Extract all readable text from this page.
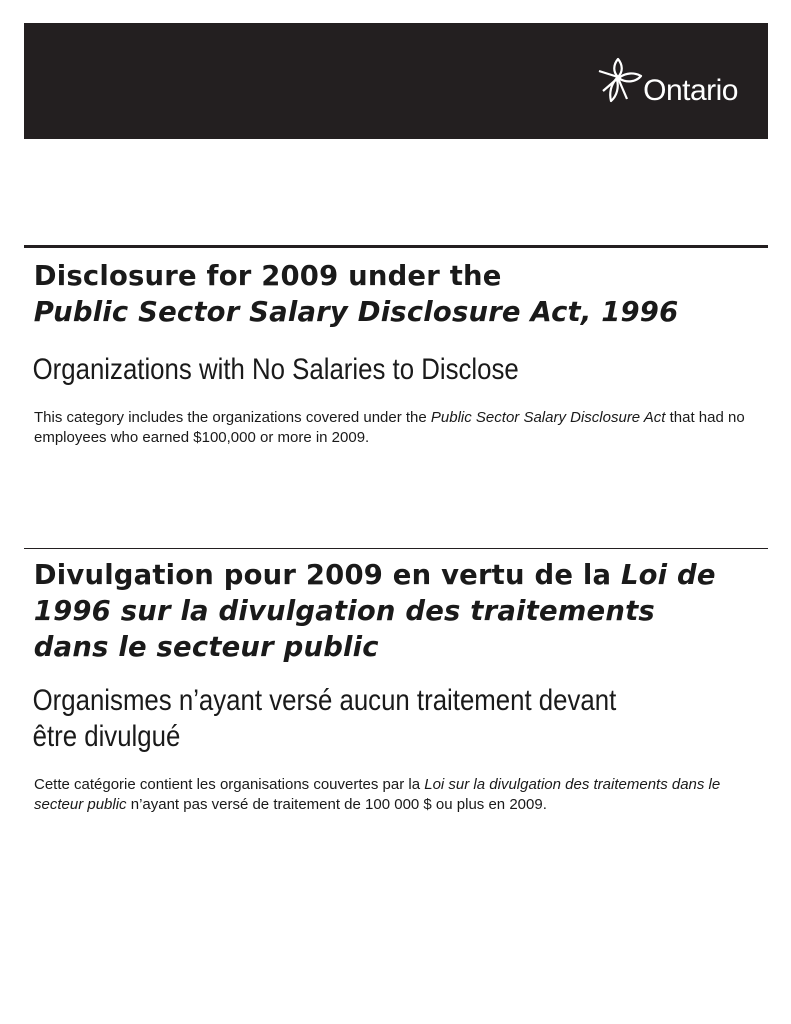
Ontario
Disclosure for 2009 under the
Public Sector Salary Disclosure Act, 1996
Organizations with No Salaries to Disclose

This category includes the organizations covered under the Public Sector Salary Disclosure Act that had no employees who earned $100,000 or more in 2009.

Divulgation pour 2009 en vertu de la Loi de 1996 sur la divulgation des traitements dans le secteur public
Organismes n’ayant versé aucun traitement devant être divulgué

Cette catégorie contient les organisations couvertes par la Loi sur la divulgation des traitements dans le secteur public n’ayant pas versé de traitement de 100 000 $ ou plus en 2009.
